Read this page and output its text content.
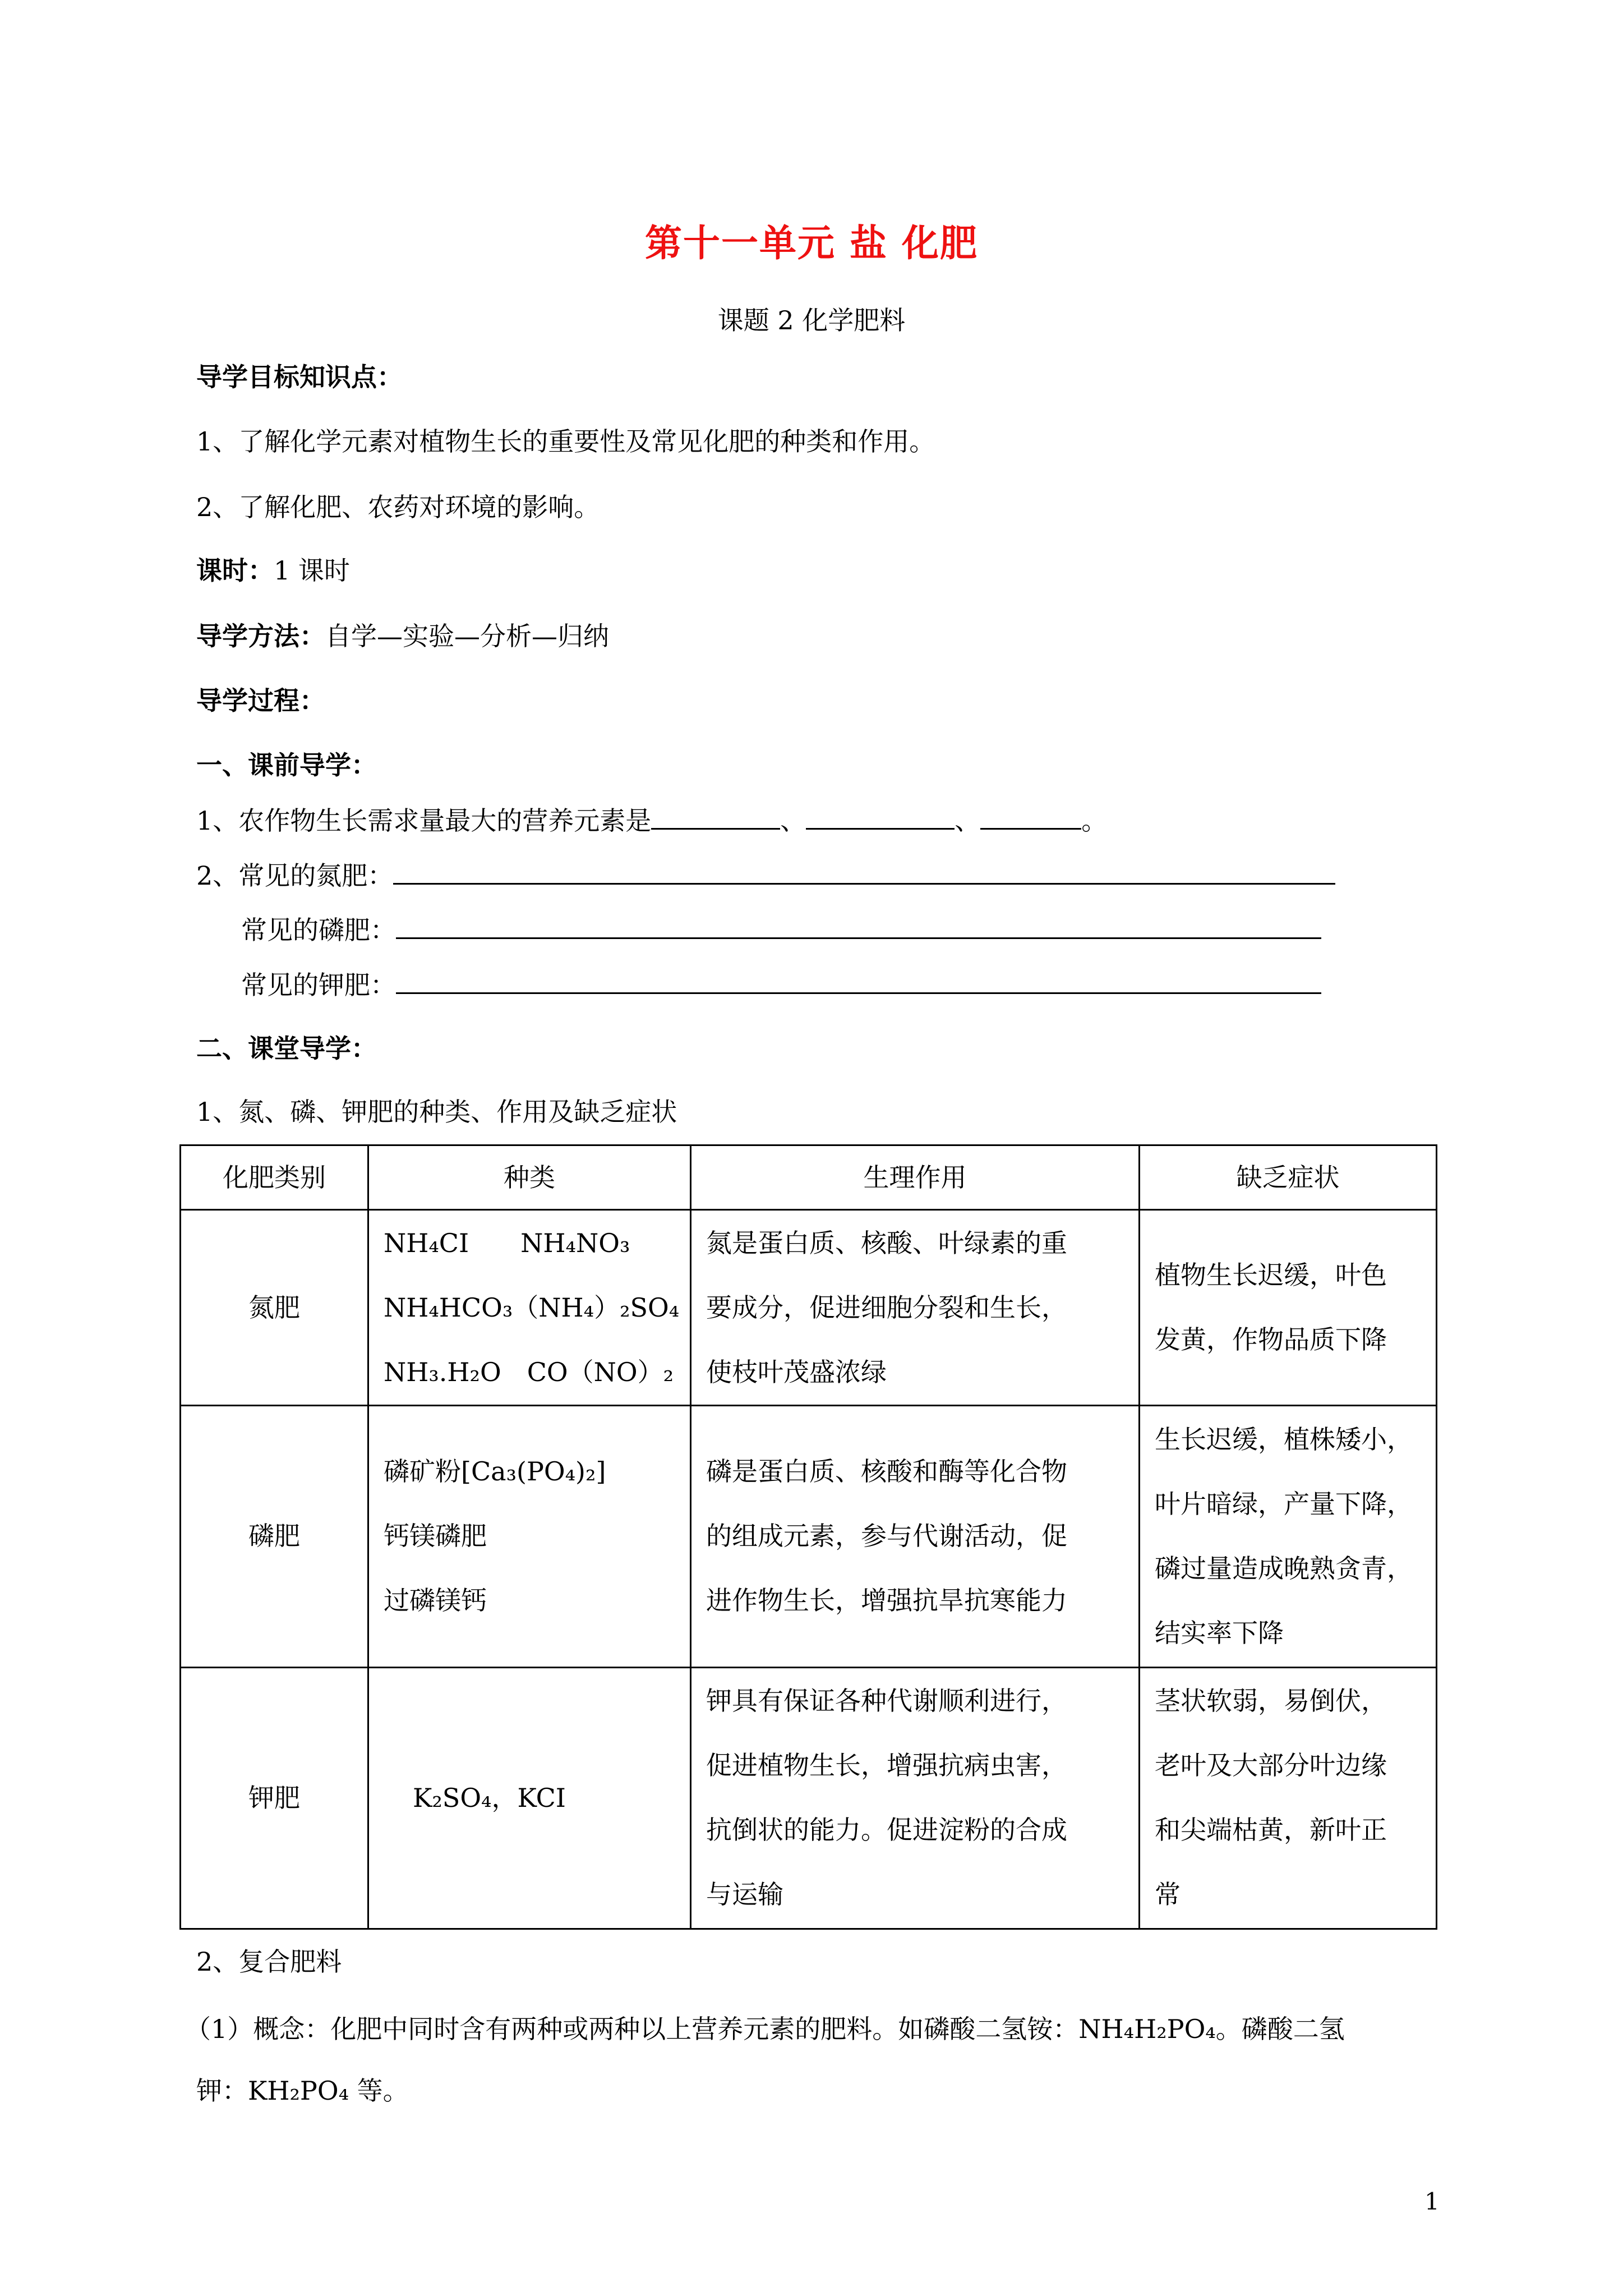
第十一单元 盐 化肥
课题 2 化学肥料
导学目标知识点：
1、了解化学元素对植物生长的重要性及常见化肥的种类和作用。
2、了解化肥、农药对环境的影响。
课时：1 课时
导学方法：自学—实验—分析—归纳
导学过程：
一、课前导学：
1、农作物生长需求量最大的营养元素是	、	、	。
2、常见的氮肥：
常见的磷肥：
常见的钾肥：
二、课堂导学：
1、氮、磷、钾肥的种类、作用及缺乏症状
化肥类别	种类	生理作用	缺乏症状
氮肥	NH₄CI　　NH₄NO₃
NH₄HCO₃（NH₄）₂SO₄
NH₃.H₂O　CO（NO）₂	氮是蛋白质、核酸、叶绿素的重
要成分，促进细胞分裂和生长，
使枝叶茂盛浓绿	植物生长迟缓，叶色
发黄，作物品质下降

磷肥	磷矿粉[Ca₃(PO₄)₂]
钙镁磷肥
过磷镁钙	磷是蛋白质、核酸和酶等化合物
的组成元素，参与代谢活动，促
进作物生长，增强抗旱抗寒能力	生长迟缓，植株矮小，
叶片暗绿，产量下降，
磷过量造成晚熟贪青，
结实率下降

钾肥	K₂SO₄，KCI	钾具有保证各种代谢顺利进行，
促进植物生长，增强抗病虫害，
抗倒状的能力。促进淀粉的合成
与运输	茎状软弱，易倒伏，
老叶及大部分叶边缘
和尖端枯黄，新叶正
常
2、复合肥料
（1）概念：化肥中同时含有两种或两种以上营养元素的肥料。如磷酸二氢铵：NH₄H₂PO₄。磷酸二氢
钾：KH₂PO₄ 等。
1
